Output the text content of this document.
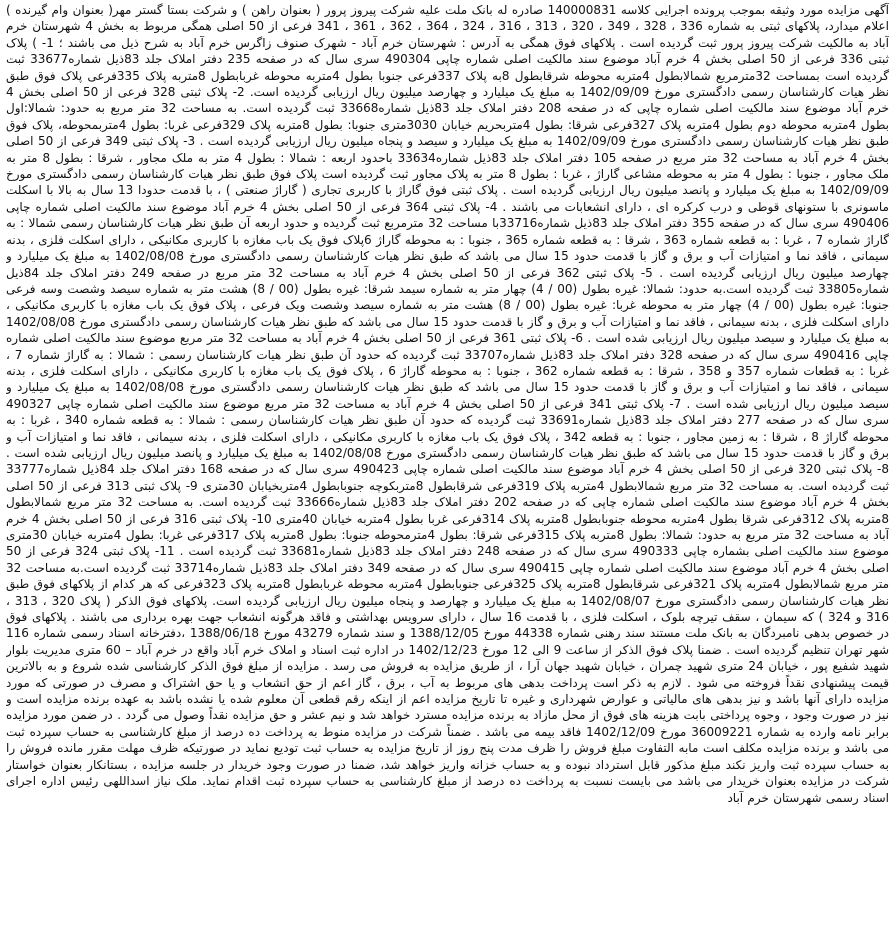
آگهی مزایده مورد وثیقه بموجب پرونده اجرایی کلاسه 140000831 صادره له بانک ملت علیه شرکت پیروز پرور ( بعنوان راهن ) و شرکت بستا گستر مهر( بعنوان وام گیرنده ) اعلام میدارد، پلاکهای ثبتی به شماره 336 ، 328 ، 349 ، 320 ، 313 ، 316 ، 324 ، 364 ، 362 ، 361 ، 341 فرعی از 50 اصلی همگی مربوط به بخش 4 شهرستان خرم آباد به مالکیت شرکت پیروز پرور ثبت گردیده است . پلاکهای فوق همگی به آدرس : شهرستان خرم آباد - شهرک صنوف زاگرس خرم آباد به شرح ذیل می باشند ؛ 1- ) پلاک ثبتی 336 فرعی از 50 اصلی بخش 4 خرم آباد موضوع سند مالکیت اصلی شماره چاپی 490304 سری سال که در صفحه 235 دفتر املاک جلد 83ذیل شماره33677 ثبت گردیده است بمساحت 32مترمربع شمالابطول 4متربه محوطه شرقابطول 8به پلاک 337فرعی جنوبا بطول 4متربه محوطه غربابطول 8متربه پلاک 335فرعی پلاک فوق طبق نظر هیات کارشناسان رسمی دادگستری مورخ 1402/09/09 به مبلغ یک میلیارد و چهارصد میلیون ریال ارزیابی گردیده است. 2- پلاک ثبتی 328 فرعی از 50 اصلی بخش 4 خرم آباد موضوع سند مالکیت اصلی شماره چاپی که در صفحه 208 دفتر املاک جلد 83ذیل شماره33668 ثبت گردیده است. به مساحت 32 متر مربع به حدود: شمالا:اول بطول 4متربه محوطه دوم بطول 4متربه پلاک 327فرعی شرقا: بطول 4متربحریم خیابان 3030متری جنوبا: بطول 8متربه پلاک 329فرعی غربا: بطول 4متربمحوطه، پلاک فوق طبق نظر هیات کارشناسان رسمی دادگستری مورخ 1402/09/09 به مبلغ یک میلیارد و سیصد و پنجاه میلیون ریال ارزیابی گردیده است . 3- پلاک ثبتی 349 فرعی از 50 اصلی بخش 4 خرم آباد به مساحت 32 متر مربع در صفحه 105 دفتر املاک جلد 83ذیل شماره33634 باحدود اربعه : شمالا : بطول 4 متر به ملک مجاور ، شرقا : بطول 8 متر به ملک مجاور ، جنوبا : بطول 4 متر به محوطه مشاعی گاراژ ، غربا : بطول 8 متر به پلاک مجاور ثبت گردیده است پلاک فوق طبق نظر هیات کارشناسان رسمی دادگستری مورخ 1402/09/09 به مبلغ یک میلیارد و پانصد میلیون ریال ارزیابی گردیده است . پلاک ثبتی فوق گاراژ با کاربری تجاری ( گاراژ صنعتی ) ، با قدمت حدودا 13 سال به بالا با اسکلت ماسونری با ستونهای قوطی و درب کرکره ای ، دارای انشعابات می باشند . 4- پلاک ثبتی 364 فرعی از 50 اصلی بخش 4 خرم آباد موضوع سند مالکیت اصلی شماره چاپی 490406 سری سال که در صفحه 355 دفتر املاک جلد 83ذیل شماره33716با مساحت 32 مترمربع ثبت گردیده و حدود اربعه آن طبق نظر هیات کارشناسان رسمی شمالا : به گاراژ شماره 7 ، غربا : به قطعه شماره 363 ، شرقا : به قطعه شماره 365 ، جنوبا : به محوطه گاراژ 6پلاک فوق یک باب مغازه با کاربری مکانیکی ، دارای اسکلت فلزی ، بدنه سیمانی ، فاقد نما و امتیازات آب و برق و گاز با قدمت حدود 15 سال می باشد که طبق نظر هیات کارشناسان رسمی دادگستری مورخ 1402/08/08 به مبلغ یک میلیارد و چهارصد میلیون ریال ارزیابی گردیده است . 5- پلاک ثبتی 362 فرعی از 50 اصلی بخش 4 خرم آباد به مساحت 32 متر مربع در صفحه 249 دفتر املاک جلد 84ذیل شماره33805 ثبت گردیده است.به حدود: شمالا: غیره بطول (00 / 4) چهار متر به شماره سیمد شرقا: غیره بطول (00 / 8) هشت متر به شماره سیصد وشصت وسه فرعی جنوبا: غیره بطول (00 / 4) چهار متر به محوطه غربا: غیره بطول (00 / 8) هشت متر به شماره سیصد وشصت ویک فرعی ، پلاک فوق یک باب مغازه با کاربری مکانیکی ، دارای اسکلت فلزی ، بدنه سیمانی ، فاقد نما و امتیازات آب و برق و گاز با قدمت حدود 15 سال می باشد که طبق نظر هیات کارشناسان رسمی دادگستری مورخ 1402/08/08 به مبلغ یک میلیارد و سیصد میلیون ریال ارزیابی شده است . 6- پلاک ثبتی 361 فرعی از 50 اصلی بخش 4 خرم آباد به مساحت 32 متر مربع موضوع سند مالکیت اصلی شماره چاپی 490416 سری سال که در صفحه 328 دفتر املاک جلد 83ذیل شماره33707 ثبت گردیده که حدود آن طبق نظر هیات کارشناسان رسمی : شمالا : به گاراژ شماره 7 ، غربا : به قطعات شماره 357 و 358 ، شرقا : به قطعه شماره 362 ، جنوبا : به محوطه گاراژ 6 ، پلاک فوق یک باب مغازه با کاربری مکانیکی ، دارای اسکلت فلزی ، بدنه سیمانی ، فاقد نما و امتیازات آب و برق و گاز با قدمت حدود 15 سال می باشد که طبق نظر هیات کارشناسان رسمی دادگستری مورخ 1402/08/08 به مبلغ یک میلیارد و سیصد میلیون ریال ارزیابی شده است . 7- پلاک ثبتی 341 فرعی از 50 اصلی بخش 4 خرم آباد به مساحت 32 متر مربع موضوع سند مالکیت اصلی شماره چاپی 490327 سری سال که در صفحه 277 دفتر املاک جلد 83ذیل شماره33691 ثبت گردیده که حدود آن طبق نظر هیات کارشناسان رسمی : شمالا : به قطعه شماره 340 ، غربا : به محوطه گاراژ 8 ، شرقا : به زمین مجاور ، جنوبا : به قطعه 342 ، پلاک فوق یک باب مغازه با کاربری مکانیکی ، دارای اسکلت فلزی ، بدنه سیمانی ، فاقد نما و امتیازات آب و برق و گاز با قدمت حدود 15 سال می باشد که طبق نظر هیات کارشناسان رسمی دادگستری مورخ 1402/08/08 به مبلغ یک میلیارد و پانصد میلیون ریال ارزیابی شده است . 8- پلاک ثبتی 320 فرعی از 50 اصلی بخش 4 خرم آباد موضوع سند مالکیت اصلی شماره چاپی 490423 سری سال که در صفحه 168 دفتر املاک جلد 84ذیل شماره33777 ثبت گردیده است. به مساحت 32 متر مربع شمالابطول 4متربه پلاک 319فرعی شرقابطول 8متربکوچه جنوبابطول 4متربخیابان 30متری 9- پلاک ثبتی 313 فرعی از 50 اصلی بخش 4 خرم آباد موضوع سند مالکیت اصلی شماره چاپی که در صفحه 202 دفتر املاک جلد 83ذیل شماره33666 ثبت گردیده است. به مساحت 32 متر مربع شمالابطول 8متربه پلاک 312فرعی شرقا بطول 4متربه محوطه جنوبابطول 8متربه پلاک 314فرعی غربا بطول 4متربه خیابان 40متری 10- پلاک ثبتی 316 فرعی از 50 اصلی بخش 4 خرم آباد به مساحت 32 متر مربع به حدود: شمالا: بطول 8متربه پلاک 315فرعی شرقا: بطول 4مترمحوطه جنوبا: بطول 8متربه پلاک 317فرعی غربا: بطول 4متربه خیابان 30متری موضوع سند مالکیت اصلی بشماره چاپی 490333 سری سال که در صفحه 248 دفتر املاک جلد 83ذیل شماره33681 ثبت گردیده است . 11- پلاک ثبتی 324 فرعی از 50 اصلی بخش 4 خرم آباد موضوع سند مالکیت اصلی شماره چاپی 490415 سری سال که در صفحه 349 دفتر املاک جلد 83ذیل شماره33714 ثبت گردیده است.به مساحت 32 متر مربع شمالابطول 4متربه پلاک 321فرعی شرقابطول 8متربه پلاک 325فرعی جنوبابطول 4متربه محوطه غربابطول 8متربه پلاک 323فرعی که هر کدام از پلاکهای فوق طبق نظر هیات کارشناسان رسمی دادگستری مورخ 1402/08/07 به مبلغ یک میلیارد و چهارصد و پنجاه میلیون ریال ارزیابی گردیده است. پلاکهای فوق الذکر ( پلاک 320 ، 313 ، 316 و 324 ) که سیمان ، سقف تیرچه بلوک ، اسکلت فلزی ، با قدمت 16 سال ، دارای سرویس بهداشتی و فاقد هرگونه انشعاب جهت بهره برداری می باشند . پلاکهای فوق در خصوص بدهی نامبردگان به بانک ملت مستند سند رهنی شماره 44338 مورخ 1388/12/05 و سند شماره 43279 مورخ 1388/06/18 ،دفترخانه اسناد رسمی شماره 116 شهر تهران تنظیم گردیده است . ضمنا پلاک فوق الذکر از ساعت 9 الی 12 مورخ 1402/12/23 در اداره ثبت اسناد و املاک خرم آباد واقع در خرم آباد – 60 متری مدیریت بلوار شهید شفیع پور ، خیابان 24 متری شهید چمران ، خیابان شهید جهان آرا ، از طریق مزایده به فروش می رسد . مزایده از مبلغ فوق الذکر کارشناسی شده شروع و به بالاترین قیمت پیشنهادی نقداً فروخته می شود . لازم به ذکر است پرداخت بدهی های مربوط به آب ، برق ، گاز اعم از حق انشعاب و یا حق اشتراک و مصرف در صورتی که مورد مزایده دارای آنها باشد و نیز بدهی های مالیاتی و عوارض شهرداری و غیره تا تاریخ مزایده اعم از اینکه رقم قطعی آن معلوم شده یا نشده باشد به عهده برنده مزایده است و نیز در صورت وجود ، وجوه پرداختی بابت هزینه های فوق از محل مازاد به برنده مزایده مسترد خواهد شد و نیم عشر و حق مزایده نقداً وصول می گردد . در ضمن مورد مزایده برابر نامه وارده به شماره 36009221 مورخ 1402/12/09 فاقد بیمه می باشد . ضمناً شرکت در مزایده منوط به پرداخت ده درصد از مبلغ کارشناسی به حساب سپرده ثبت می باشد و برنده مزایده مکلف است مابه التفاوت مبلغ فروش را ظرف مدت پنج روز از تاریخ مزایده به حساب ثبت تودیع نماید در صورتیکه ظرف مهلت مقرر مانده فروش را به حساب سپرده ثبت واریز نکند مبلغ مذکور قابل استرداد نبوده و به حساب خزانه واریز خواهد شد، ضمنا در صورت وجود خریدار در جلسه مزایده ، بستانکار بعنوان خواستار شرکت در مزایده بعنوان خریدار می باشد می بایست نسبت به پرداخت ده درصد از مبلغ کارشناسی به حساب سپرده ثبت اقدام نماید. ملک نیاز اسداللهی رئیس اداره اجرای اسناد رسمی شهرستان خرم آباد
